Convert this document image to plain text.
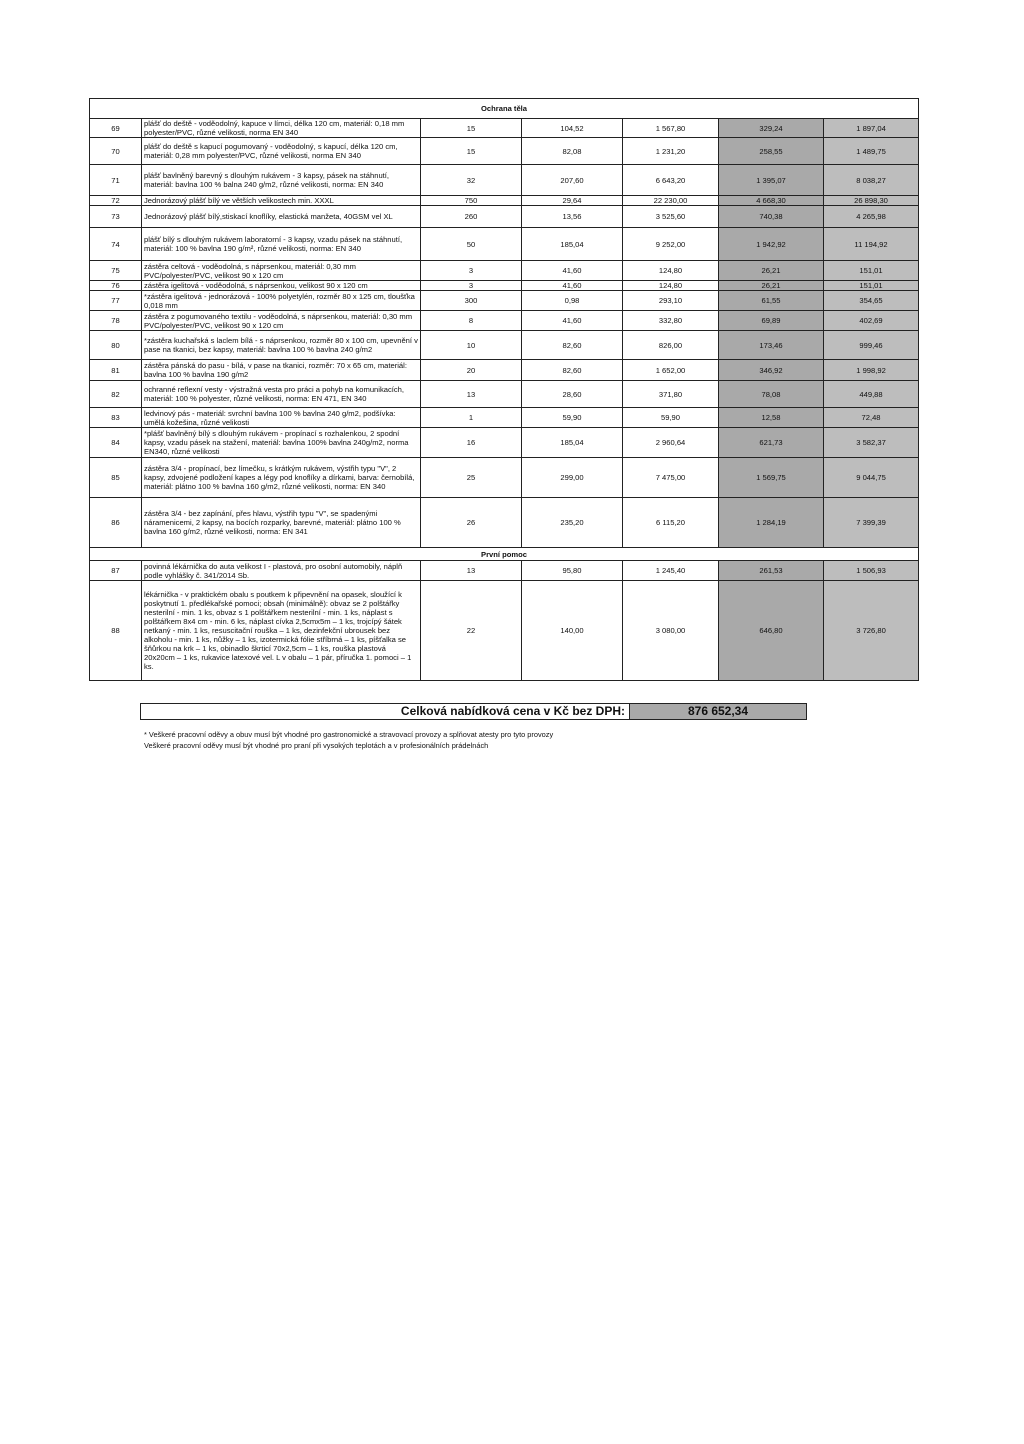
Ochrana těla						
69	plášť do deště - voděodolný, kapuce v límci, délka 120 cm, materiál: 0,18 mm polyester/PVC, různé velikosti, norma EN 340	15	104,52	1 567,80	329,24	1 897,04
70	plášť do deště s kapucí pogumovaný - voděodolný, s kapucí, délka 120 cm, materiál: 0,28 mm polyester/PVC, různé velikosti, norma EN 340	15	82,08	1 231,20	258,55	1 489,75
71	plášť bavlněný barevný s dlouhým rukávem - 3 kapsy, pásek na stáhnutí, materiál: bavlna 100 % balna 240 g/m2, různé velikosti, norma: EN 340	32	207,60	6 643,20	1 395,07	8 038,27
72	Jednorázový plášť bílý ve větších velikostech min. XXXL	750	29,64	22 230,00	4 668,30	26 898,30
73	Jednorázový plášť bílý,stiskací knoflíky, elastická manžeta, 40GSM vel XL	260	13,56	3 525,60	740,38	4 265,98
74	plášť bílý s dlouhým rukávem laboratorní - 3 kapsy, vzadu pásek na stáhnutí, materiál: 100 % bavlna 190 g/m², různé velikosti, norma: EN 340	50	185,04	9 252,00	1 942,92	11 194,92
75	zástěra celtová - voděodolná, s náprsenkou, materiál: 0,30 mm PVC/polyester/PVC, velikost 90 x 120 cm	3	41,60	124,80	26,21	151,01
76	zástěra igelitová - voděodolná, s náprsenkou, velikost 90 x 120 cm	3	41,60	124,80	26,21	151,01
77	*zástěra igelitová - jednorázová - 100% polyetylén, rozměr 80 x 125 cm, tloušťka 0,018 mm	300	0,98	293,10	61,55	354,65
78	zástěra z pogumovaného textilu - voděodolná, s náprsenkou, materiál: 0,30 mm PVC/polyester/PVC, velikost 90 x 120 cm	8	41,60	332,80	69,89	402,69
80	*zástěra kuchařská s laclem bílá - s náprsenkou, rozměr 80 x 100 cm, upevnění v pase na tkanici, bez kapsy, materiál: bavlna 100 % bavlna 240 g/m2	10	82,60	826,00	173,46	999,46
81	zástěra pánská do pasu - bílá, v pase na tkanici, rozměr: 70 x 65 cm, materiál: bavlna 100 % bavlna 190 g/m2	20	82,60	1 652,00	346,92	1 998,92
82	ochranné reflexní vesty - výstražná vesta pro práci a pohyb na komunikacích, materiál: 100 % polyester, různé velikosti, norma: EN 471, EN 340	13	28,60	371,80	78,08	449,88
83	ledvinový pás - materiál: svrchní bavlna 100 % bavlna 240 g/m2, podšívka: umělá kožešina, různé velikosti	1	59,90	59,90	12,58	72,48
84	*plášť bavlněný bílý s dlouhým rukávem - propínací s rozhalenkou, 2 spodní kapsy, vzadu pásek na stažení, materiál: bavlna 100% bavlna 240g/m2, norma EN340, různé velikosti	16	185,04	2 960,64	621,73	3 582,37
85	zástěra 3/4 - propínací, bez límečku, s krátkým rukávem, výstřih typu "V", 2 kapsy, zdvojené podložení kapes a légy pod knoflíky a dírkami, barva: černobílá, materiál: plátno 100 % bavlna 160 g/m2, různé velikosti, norma: EN 340	25	299,00	7 475,00	1 569,75	9 044,75
86	zástěra 3/4 - bez zapínání, přes hlavu, výstřih typu "V", se spadenými náramenicemi, 2 kapsy, na bocích rozparky, barevné, materiál: plátno 100 % bavlna 160 g/m2, různé velikosti, norma: EN 341	26	235,20	6 115,20	1 284,19	7 399,39
První pomoc						
87	povinná lékárnička do auta velikost I - plastová, pro osobní automobily, náplň podle vyhlášky č. 341/2014 Sb.	13	95,80	1 245,40	261,53	1 506,93
88	lékárnička - v praktickém obalu s poutkem k připevnění na opasek, sloužící k poskytnutí 1. předlékařské pomoci; obsah (minimálně): obvaz se 2 polštářky nesterilní - min. 1 ks, obvaz s 1 polštářkem nesterilní - min. 1 ks, náplast s polštářkem 8x4 cm - min. 6 ks, náplast cívka 2,5cmx5m – 1 ks, trojcípý šátek netkaný - min. 1 ks, resuscitační rouška – 1 ks, dezinfekční ubrousek bez alkoholu - min. 1 ks, nůžky – 1 ks, izotermická fólie stříbrná – 1 ks, píšťalka se šňůrkou na krk – 1 ks, obinadlo škrticí 70x2,5cm – 1 ks, rouška plastová 20x20cm – 1 ks, rukavice latexové vel. L v obalu – 1 pár, příručka 1. pomoci – 1 ks.	22	140,00	3 080,00	646,80	3 726,80
Celková nabídková cena v Kč bez DPH:	876 652,34
* Veškeré pracovní oděvy a obuv musí být vhodné pro gastronomické a stravovací provozy a splňovat atesty pro tyto provozy
Veškeré pracovní oděvy musí být vhodné pro praní při vysokých teplotách a v profesionálních prádelnách
